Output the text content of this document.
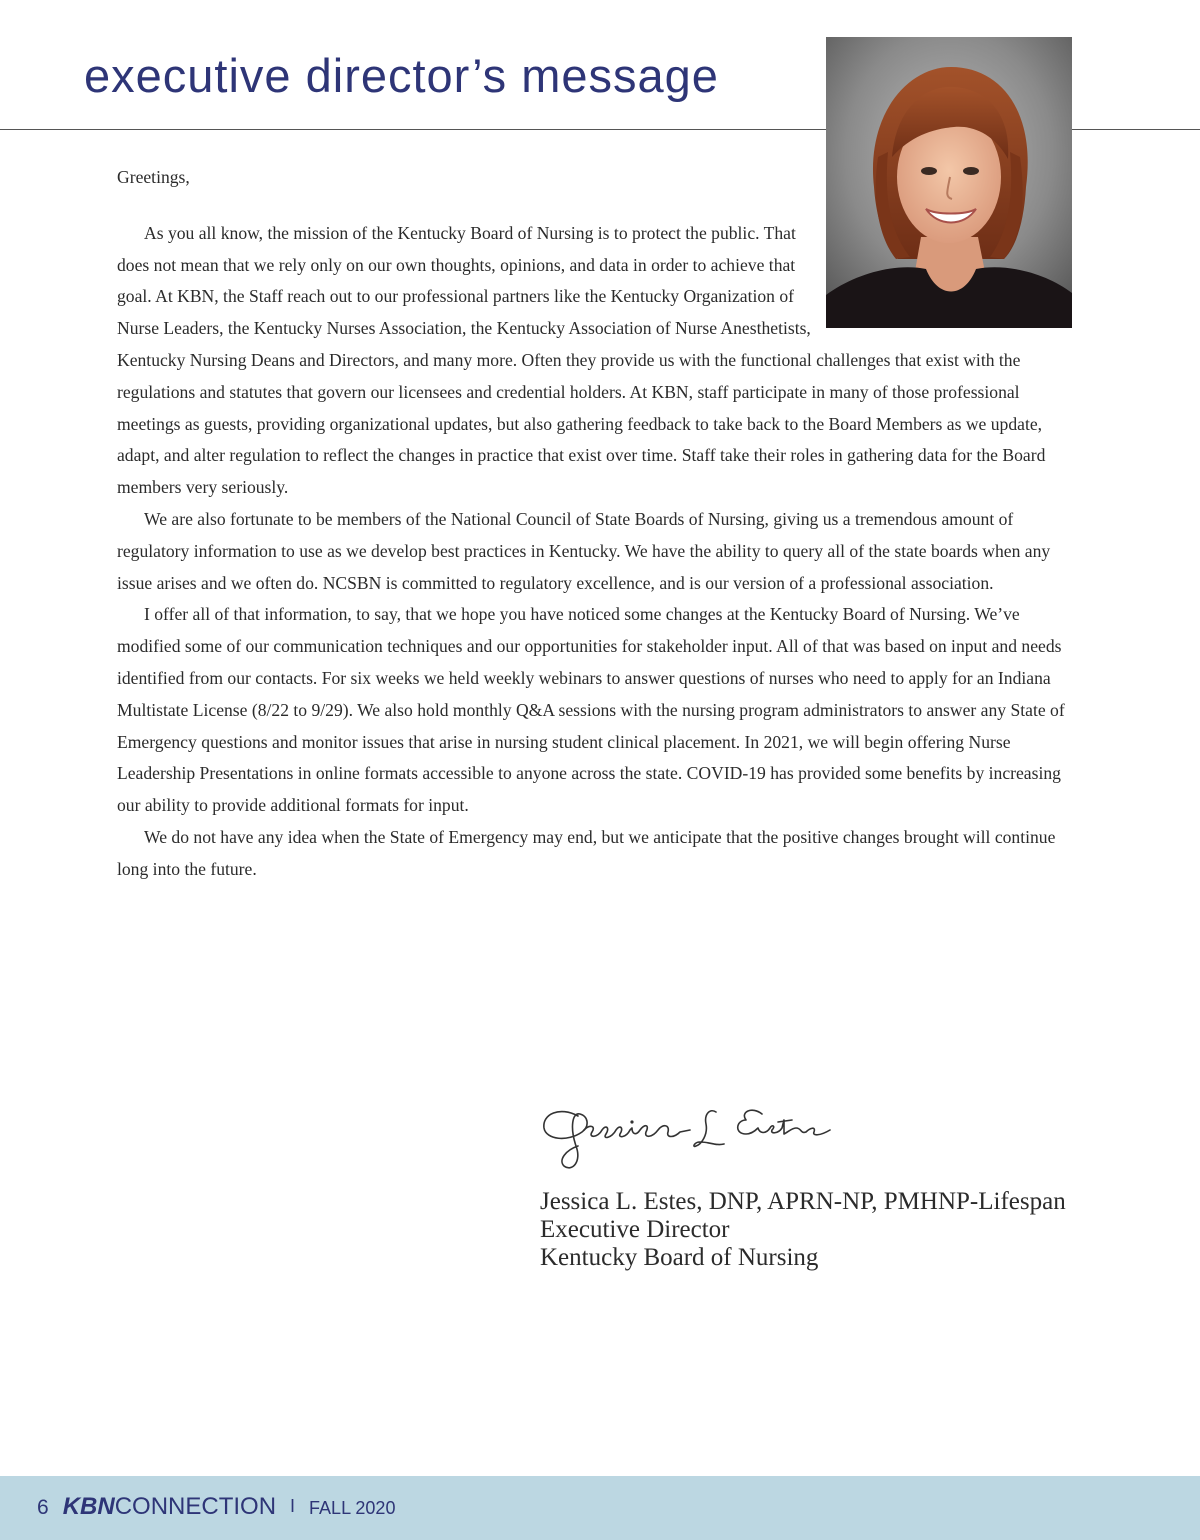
executive director’s message

Greetings,

As you all know, the mission of the Kentucky Board of Nursing is to protect the public. That does not mean that we rely only on our own thoughts, opinions, and data in order to achieve that goal. At KBN, the Staff reach out to our professional partners like the Kentucky Organization of Nurse Leaders, the Kentucky Nurses Association, the Kentucky Association of Nurse Anesthetists, Kentucky Nursing Deans and Directors, and many more. Often they provide us with the functional challenges that exist with the regulations and statutes that govern our licensees and credential holders. At KBN, staff participate in many of those professional meetings as guests, providing organizational updates, but also gathering feedback to take back to the Board Members as we update, adapt, and alter regulation to reflect the changes in practice that exist over time. Staff take their roles in gathering data for the Board members very seriously.

We are also fortunate to be members of the National Council of State Boards of Nursing, giving us a tremendous amount of regulatory information to use as we develop best practices in Kentucky. We have the ability to query all of the state boards when any issue arises and we often do. NCSBN is committed to regulatory excellence, and is our version of a professional association.

I offer all of that information, to say, that we hope you have noticed some changes at the Kentucky Board of Nursing. We’ve modified some of our communication techniques and our opportunities for stakeholder input. All of that was based on input and needs identified from our contacts. For six weeks we held weekly webinars to answer questions of nurses who need to apply for an Indiana Multistate License (8/22 to 9/29). We also hold monthly Q&A sessions with the nursing program administrators to answer any State of Emergency questions and monitor issues that arise in nursing student clinical placement. In 2021, we will begin offering Nurse Leadership Presentations in online formats accessible to anyone across the state. COVID-19 has provided some benefits by increasing our ability to provide additional formats for input.

We do not have any idea when the State of Emergency may end, but we anticipate that the positive changes brought will continue long into the future.

Jessica L. Estes, DNP, APRN-NP, PMHNP-Lifespan
Executive Director
Kentucky Board of Nursing
6 KBNCONNECTION I FALL 2020
